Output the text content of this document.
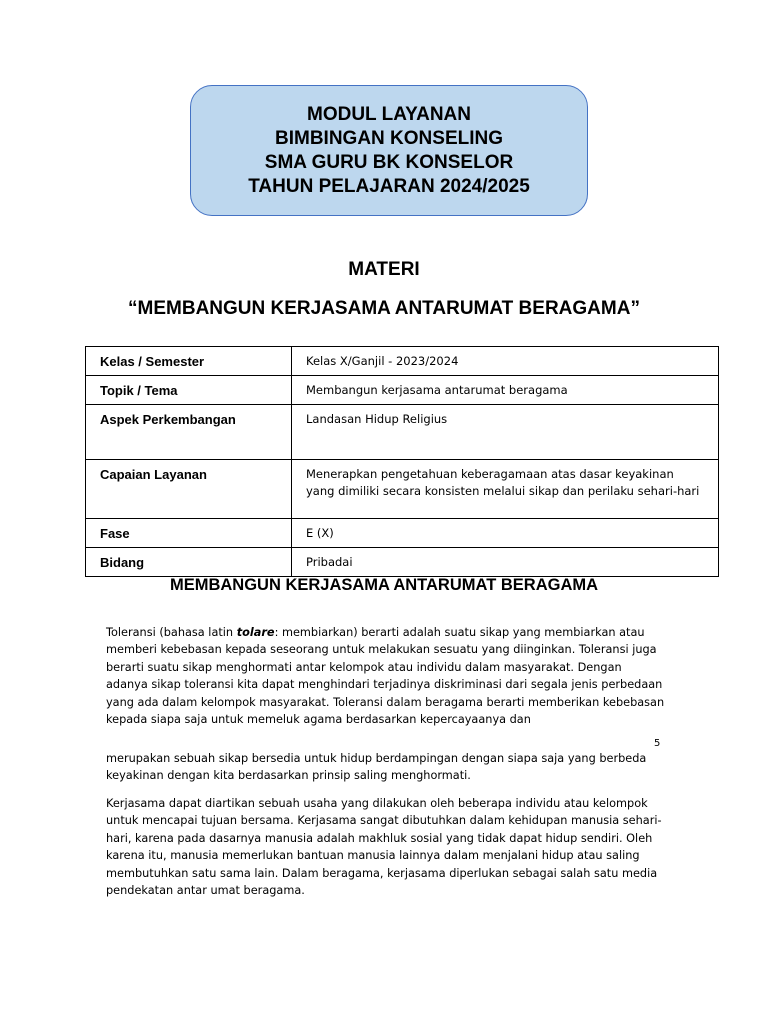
MODUL LAYANAN
BIMBINGAN KONSELING
SMA GURU BK KONSELOR
TAHUN PELAJARAN 2024/2025
MATERI
“MEMBANGUN KERJASAMA ANTARUMAT BERAGAMA”
Kelas / Semester	Kelas X/Ganjil - 2023/2024
Topik / Tema	Membangun kerjasama antarumat beragama
Aspek Perkembangan	Landasan Hidup Religius
Capaian Layanan	Menerapkan pengetahuan keberagamaan atas dasar keyakinan yang dimiliki secara konsisten melalui sikap dan perilaku sehari-hari
Fase	E (X)
Bidang	Pribadai
MEMBANGUN KERJASAMA ANTARUMAT BERAGAMA

Toleransi (bahasa latin tolare: membiarkan) berarti adalah suatu sikap yang membiarkan atau memberi kebebasan kepada seseorang untuk melakukan sesuatu yang diinginkan. Toleransi juga berarti suatu sikap menghormati antar kelompok atau individu dalam masyarakat. Dengan adanya sikap toleransi kita dapat menghindari terjadinya diskriminasi dari segala jenis perbedaan yang ada dalam kelompok masyarakat. Toleransi dalam beragama berarti memberikan kebebasan kepada siapa saja untuk memeluk agama berdasarkan kepercayaanya dan

5

merupakan sebuah sikap bersedia untuk hidup berdampingan dengan siapa saja yang berbeda keyakinan dengan kita berdasarkan prinsip saling menghormati.

Kerjasama dapat diartikan sebuah usaha yang dilakukan oleh beberapa individu atau kelompok untuk mencapai tujuan bersama. Kerjasama sangat dibutuhkan dalam kehidupan manusia sehari-hari, karena pada dasarnya manusia adalah makhluk sosial yang tidak dapat hidup sendiri. Oleh karena itu, manusia memerlukan bantuan manusia lainnya dalam menjalani hidup atau saling membutuhkan satu sama lain. Dalam beragama, kerjasama diperlukan sebagai salah satu media pendekatan antar umat beragama.
